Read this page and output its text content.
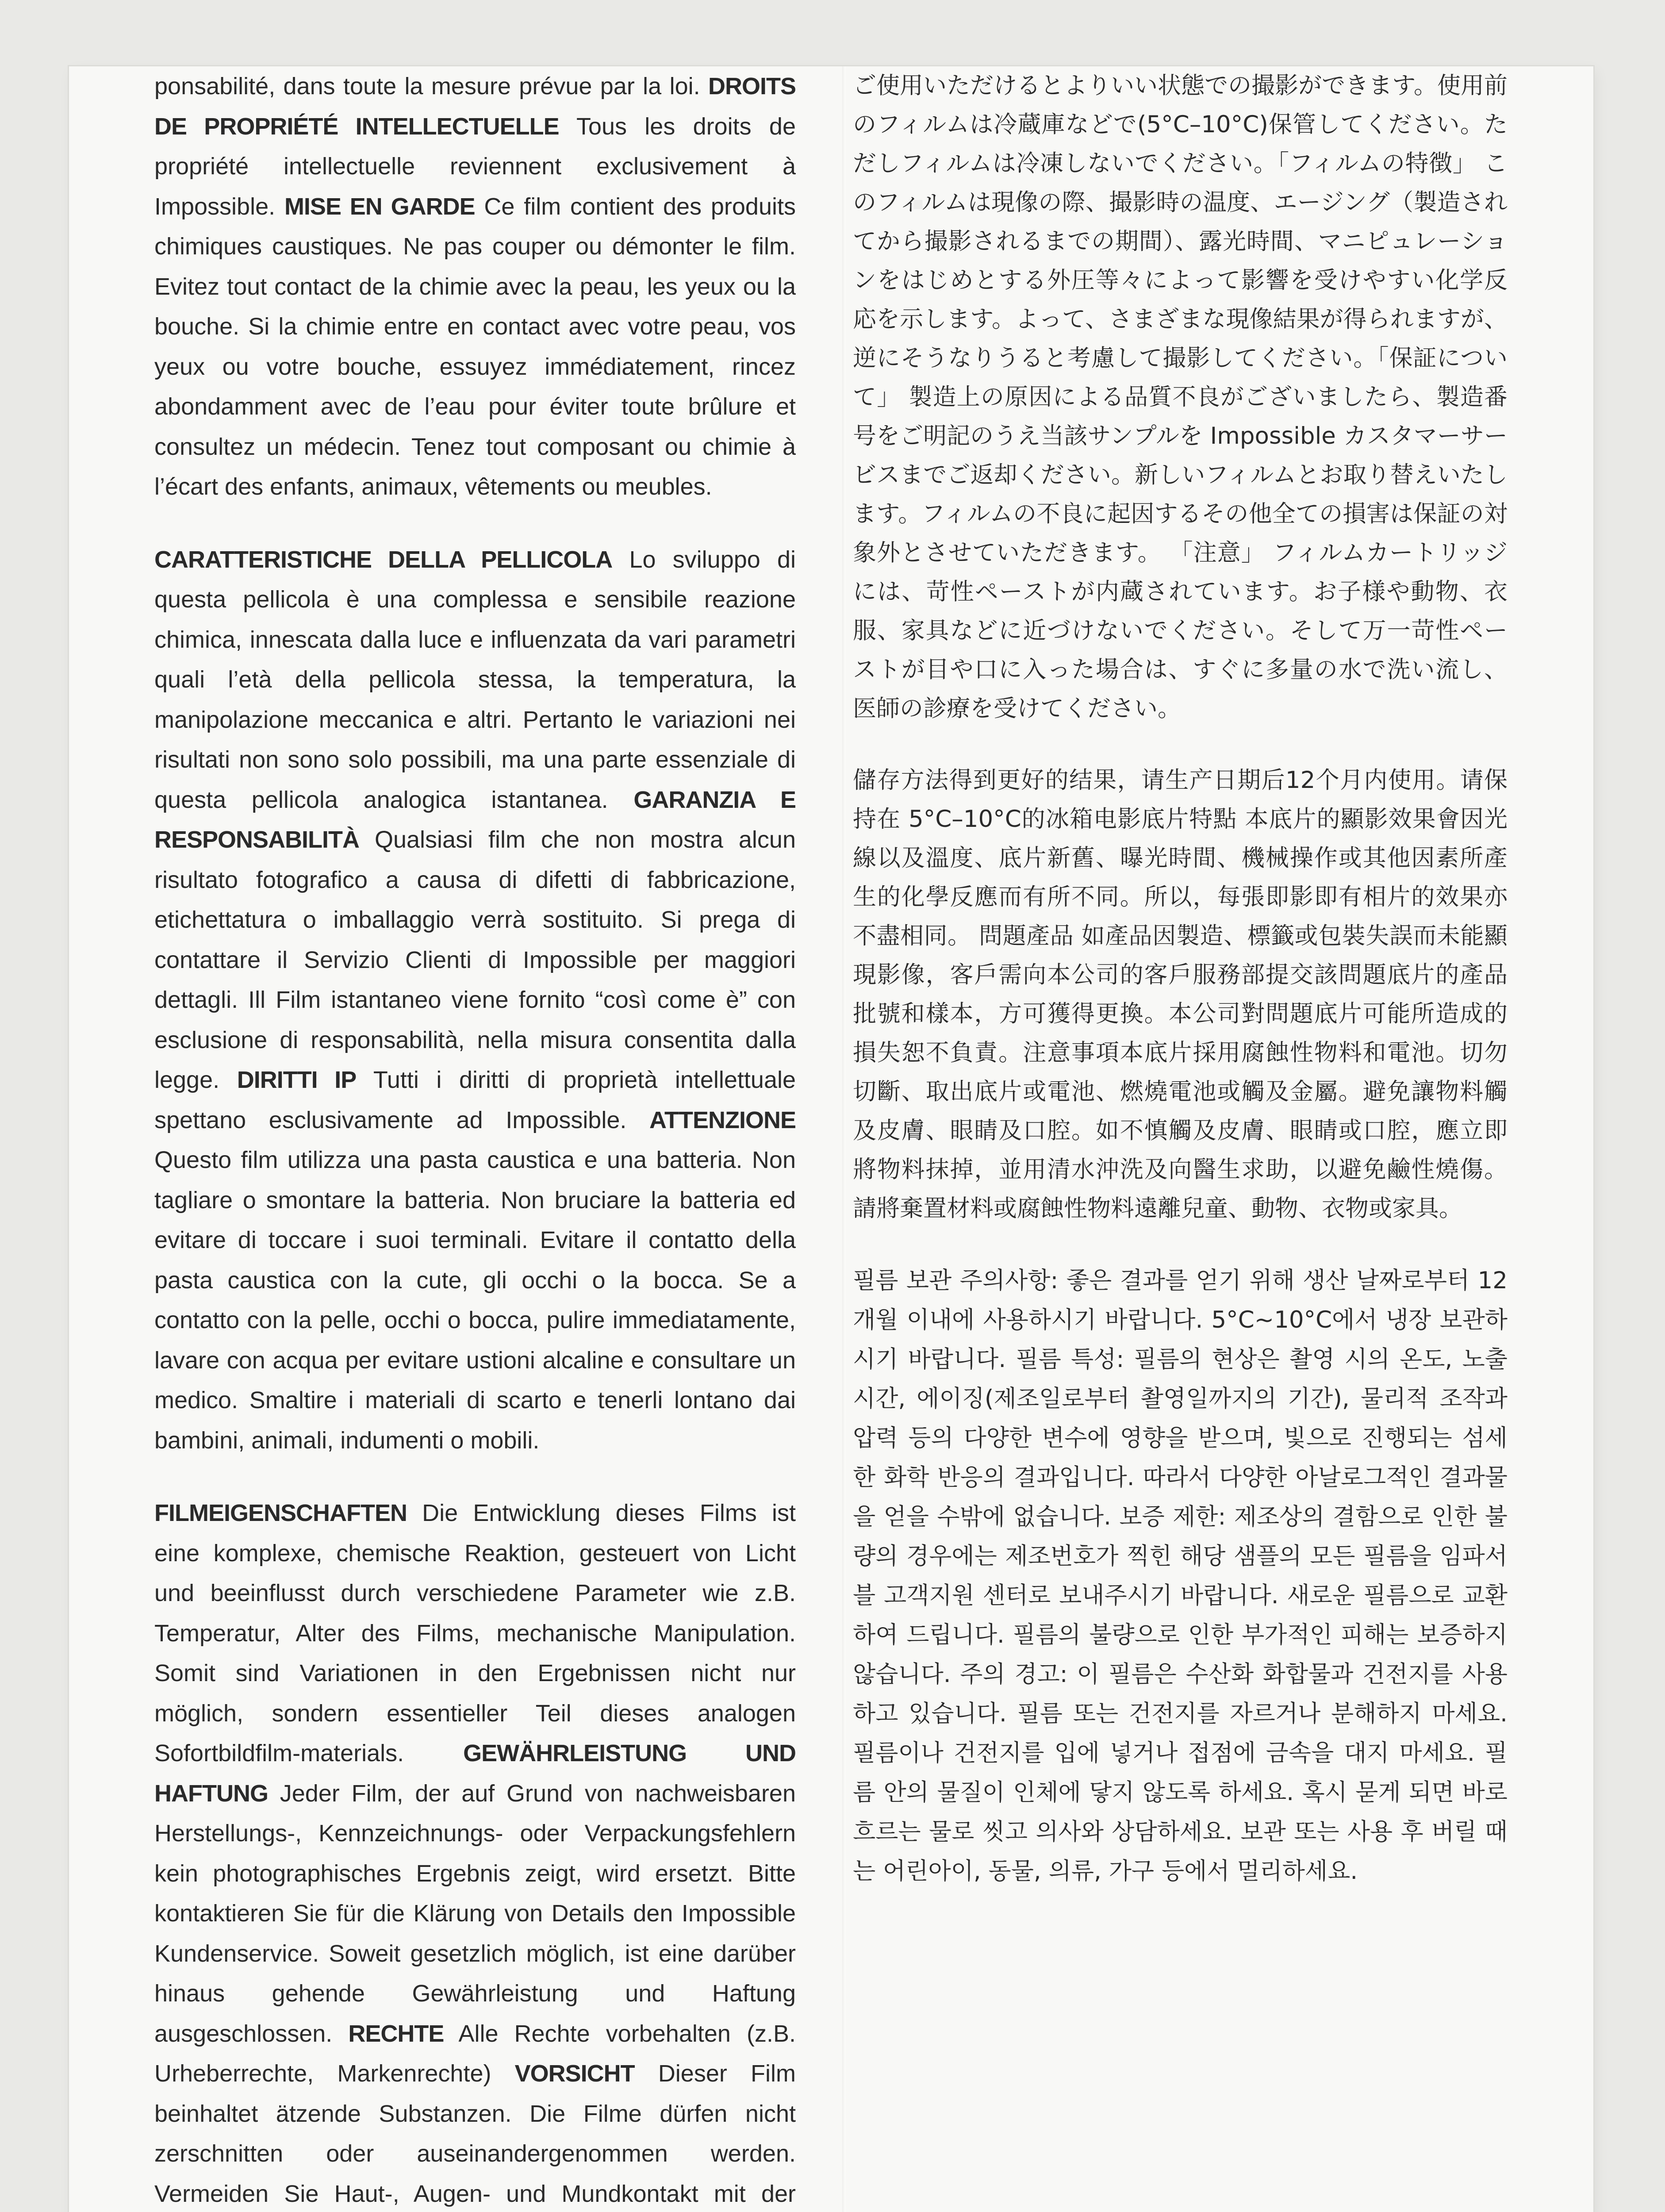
ponsabilité, dans toute la mesure prévue par la loi. DROITS DE PROPRIÉTÉ INTELLECTUELLE Tous les droits de propriété intellectuelle reviennent exclusivement à Impossible. MISE EN GARDE Ce film contient des produits chimiques caustiques. Ne pas couper ou démonter le film. Evitez tout contact de la chimie avec la peau, les yeux ou la bouche. Si la chimie entre en contact avec votre peau, vos yeux ou votre bouche, essuyez immédiatement, rincez abondamment avec de l’eau pour éviter toute brûlure et consultez un médecin. Tenez tout composant ou chimie à l’écart des enfants, animaux, vêtements ou meubles.

CARATTERISTICHE DELLA PELLICOLA Lo sviluppo di questa pellicola è una complessa e sensibile reazione chimica, innescata dalla luce e influenzata da vari parametri quali l’età della pellicola stessa, la temperatura, la manipolazione meccanica e altri. Pertanto le variazioni nei risultati non sono solo possibili, ma una parte essenziale di questa pellicola analogica istantanea. GARANZIA E RESPONSABILITÀ Qualsiasi film che non mostra alcun risultato fotografico a causa di difetti di fabbricazione, etichettatura o imballaggio verrà sostituito. Si prega di contattare il Servizio Clienti di Impossible per maggiori dettagli. Ill Film istantaneo viene fornito “così come è” con esclusione di responsabilità, nella misura consentita dalla legge. DIRITTI IP Tutti i diritti di proprietà intellettuale spettano esclusivamente ad Impossible. ATTENZIONE Questo film utilizza una pasta caustica e una batteria. Non tagliare o smontare la batteria. Non bruciare la batteria ed evitare di toccare i suoi terminali. Evitare il contatto della pasta caustica con la cute, gli occhi o la bocca. Se a contatto con la pelle, occhi o bocca, pulire immediatamente, lavare con acqua per evitare ustioni alcaline e consultare un medico. Smaltire i materiali di scarto e tenerli lontano dai bambini, animali, indumenti o mobili.

FILMEIGENSCHAFTEN Die Entwicklung dieses Films ist eine komplexe, chemische Reaktion, gesteuert von Licht und beeinflusst durch verschiedene Parameter wie z.B. Temperatur, Alter des Films, mechanische Manipulation. Somit sind Variationen in den Ergebnissen nicht nur möglich, sondern essentieller Teil dieses analogen Sofortbildfilm-materials. GEWÄHRLEISTUNG UND HAFTUNG Jeder Film, der auf Grund von nachweisbaren Herstellungs-, Kennzeichnungs- oder Verpackungsfehlern kein photographisches Ergebnis zeigt, wird ersetzt. Bitte kontaktieren Sie für die Klärung von Details den Impossible Kundenservice. Soweit gesetzlich möglich, ist eine darüber hinaus gehende Gewährleistung und Haftung ausgeschlossen. RECHTE Alle Rechte vorbehalten (z.B. Urheberrechte, Markenrechte) VORSICHT Dieser Film beinhaltet ätzende Substanzen. Die Filme dürfen nicht zerschnitten oder auseinandergenommen werden. Vermeiden Sie Haut-, Augen- und Mundkontakt mit der

ご使用いただけるとよりいい状態での撮影ができます。使用前のフィルムは冷蔵庫などで(5°C–10°C)保管してください。ただしフィルムは冷凍しないでください。「フィルムの特徴」 このフィルムは現像の際、撮影時の温度、エージング（製造されてから撮影されるまでの期間）、露光時間、マニピュレーションをはじめとする外圧等々によって影響を受けやすい化学反応を示します。よって、さまざまな現像結果が得られますが、逆にそうなりうると考慮して撮影してください。「保証について」 製造上の原因による品質不良がございましたら、製造番号をご明記のうえ当該サンプルを Impossible カスタマーサービスまでご返却ください。新しいフィルムとお取り替えいたします。フィルムの不良に起因するその他全ての損害は保証の対象外とさせていただきます。 「注意」 フィルムカートリッジには、苛性ペーストが内蔵されています。お子様や動物、衣服、家具などに近づけないでください。そして万一苛性ペーストが目や口に入った場合は、すぐに多量の水で洗い流し、医師の診療を受けてください。

儲存方法得到更好的结果，请生产日期后12个月内使用。请保持在 5°C–10°C的冰箱电影底片特點 本底片的顯影效果會因光線以及溫度、底片新舊、曝光時間、機械操作或其他因素所產生的化學反應而有所不同。所以，每張即影即有相片的效果亦不盡相同。 問題產品 如產品因製造、標籤或包裝失誤而未能顯現影像，客戶需向本公司的客戶服務部提交該問題底片的產品批號和樣本，方可獲得更換。本公司對問題底片可能所造成的損失恕不負責。注意事項本底片採用腐蝕性物料和電池。切勿切斷、取出底片或電池、燃燒電池或觸及金屬。避免讓物料觸及皮膚、眼睛及口腔。如不慎觸及皮膚、眼睛或口腔，應立即將物料抹掉，並用清水沖洗及向醫生求助，以避免鹼性燒傷。請將棄置材料或腐蝕性物料遠離兒童、動物、衣物或家具。

필름 보관 주의사항: 좋은 결과를 얻기 위해 생산 날짜로부터 12개월 이내에 사용하시기 바랍니다. 5°C~10°C에서 냉장 보관하시기 바랍니다. 필름 특성: 필름의 현상은 촬영 시의 온도, 노출 시간, 에이징(제조일로부터 촬영일까지의 기간), 물리적 조작과 압력 등의 다양한 변수에 영향을 받으며, 빛으로 진행되는 섬세한 화학 반응의 결과입니다. 따라서 다양한 아날로그적인 결과물을 얻을 수밖에 없습니다. 보증 제한: 제조상의 결함으로 인한 불량의 경우에는 제조번호가 찍힌 해당 샘플의 모든 필름을 임파서블 고객지원 센터로 보내주시기 바랍니다. 새로운 필름으로 교환하여 드립니다. 필름의 불량으로 인한 부가적인 피해는 보증하지 않습니다. 주의 경고: 이 필름은 수산화 화합물과 건전지를 사용하고 있습니다. 필름 또는 건전지를 자르거나 분해하지 마세요. 필름이나 건전지를 입에 넣거나 접점에 금속을 대지 마세요. 필름 안의 물질이 인체에 닿지 않도록 하세요. 혹시 묻게 되면 바로 흐르는 물로 씻고 의사와 상담하세요. 보관 또는 사용 후 버릴 때는 어린아이, 동물, 의류, 가구 등에서 멀리하세요.
